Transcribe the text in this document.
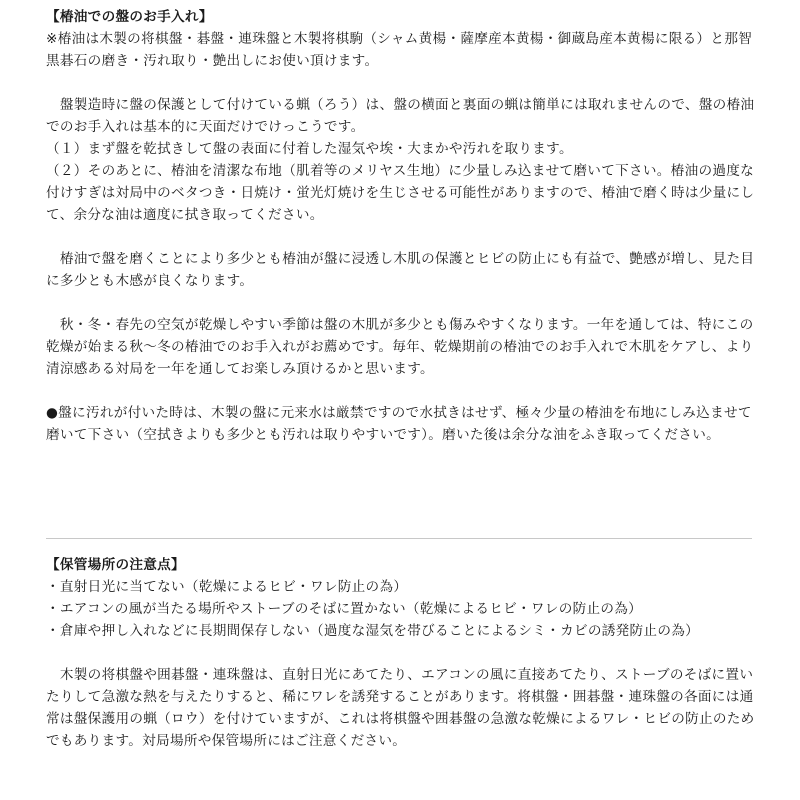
【椿油での盤のお手入れ】

※椿油は木製の将棋盤・碁盤・連珠盤と木製将棋駒（シャム黄楊・薩摩産本黄楊・御蔵島産本黄楊に限る）と那智黒碁石の磨き・汚れ取り・艶出しにお使い頂けます。

　盤製造時に盤の保護として付けている蝋（ろう）は、盤の横面と裏面の蝋は簡単には取れませんので、盤の椿油でのお手入れは基本的に天面だけでけっこうです。

（１）まず盤を乾拭きして盤の表面に付着した湿気や埃・大まかや汚れを取ります。

（２）そのあとに、椿油を清潔な布地（肌着等のメリヤス生地）に少量しみ込ませて磨いて下さい。椿油の過度な付けすぎは対局中のベタつき・日焼け・蛍光灯焼けを生じさせる可能性がありますので、椿油で磨く時は少量にして、余分な油は適度に拭き取ってください。

　椿油で盤を磨くことにより多少とも椿油が盤に浸透し木肌の保護とヒビの防止にも有益で、艶感が増し、見た目に多少とも木感が良くなります。

　秋・冬・春先の空気が乾燥しやすい季節は盤の木肌が多少とも傷みやすくなります。一年を通しては、特にこの乾燥が始まる秋～冬の椿油でのお手入れがお薦めです。毎年、乾燥期前の椿油でのお手入れで木肌をケアし、より清涼感ある対局を一年を通してお楽しみ頂けるかと思います。

●盤に汚れが付いた時は、木製の盤に元来水は厳禁ですので水拭きはせず、極々少量の椿油を布地にしみ込ませて磨いて下さい（空拭きよりも多少とも汚れは取りやすいです）。磨いた後は余分な油をふき取ってください。

【保管場所の注意点】

・直射日光に当てない（乾燥によるヒビ・ワレ防止の為）

・エアコンの風が当たる場所やストーブのそばに置かない（乾燥によるヒビ・ワレの防止の為）

・倉庫や押し入れなどに長期間保存しない（過度な湿気を帯びることによるシミ・カビの誘発防止の為）

　木製の将棋盤や囲碁盤・連珠盤は、直射日光にあてたり、エアコンの風に直接あてたり、ストーブのそばに置いたりして急激な熱を与えたりすると、稀にワレを誘発することがあります。将棋盤・囲碁盤・連珠盤の各面には通常は盤保護用の蝋（ロウ）を付けていますが、これは将棋盤や囲碁盤の急激な乾燥によるワレ・ヒビの防止のためでもあります。対局場所や保管場所にはご注意ください。
